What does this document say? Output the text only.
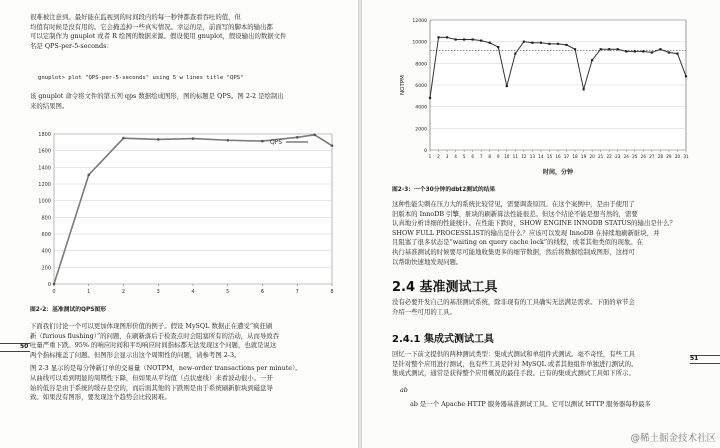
很难被注意到。最好能在监视到的时间段内的每一秒钟都查看吞吐的值，但
均值有时候是没有用的。它会掩盖掉一些真实情况。幸运的是，前面写的脚本的输出都
可以定制作为 gnuplot 或者 R 绘图的数据来源。假设使用 gnuplot，假设输出的数据文件
名是 QPS-per-5-seconds：
gnuplot> plot "QPS-per-5-seconds" using 5 w lines title "QPS"
该 gnuplot 命令将文件的第五列 qps 数据绘成图形，图的标题是 QPS。图 2-2 是绘制出
来的结果图。
0
200
400
600
800
1000
1200
1400
1600
1800
0	1	2	3	4	5	6	7	8
QPS
图2-2：基准测试的QPS图形
下面我们讨论一个可以更加体现图形价值的例子。假设 MySQL 数据正在遭受“疯狂刷
新（furious flushing）”的问题，在刷新落后于检查点时会阻塞所有的活动，从而导致吞
吐量严重下跌。95% 的响应时间和平均响应时间指标都无法发现这个问题，也就是说这
两个指标掩盖了问题。但图形会显示出这个周期性的问题，请参考图 2-3。
图 2-3 显示的是每分钟新订单的交易量（NOTPM，new-order transactions per minute）。
从曲线可以看到明显的周期性下降，但如果从平均值（点状虚线）来看波动很小。一开
始的低谷是由于系统的缓存是空的，而后面其他的下跌则是由于系统刷新脏块到磁盘导
致。如果没有图形，要发现这个趋势会比较困难。
50
0
2000
4000
6000
8000
10000
12000
1 2 3 4 5 6 7 8 9 10 11 12 13 14 15 16 17 18 19 20 21 22 23 24 25 26 27 28 29 30 31
NOTPM
时间，分钟
图2-3：一个30分钟的dbt2测试的结果
这种性能尖刺在压力大的系统比较常见，需要调查原因。在这个案例中，是由于使用了
旧版本的 InnoDB 引擎，脏块的刷新算法性能很差。但这个结论不能是想当然的，需要
认真地分析详细的性能统计。在性能下跌时，SHOW ENGINE INNODB STATUS的输出是什么？
SHOW FULL PROCESSLIST的输出是什么？应该可以发现 InnoDB 在持续地刷新脏块，并
且阻塞了很多状态是“waiting on query cache lock”的线程，或者其他类似的现象。在
执行基准测试的时候要尽可能地收集更多的细节数据，然后将数据绘制成图形，这样可
以帮助快速地发现问题。
2.4 基准测试工具
没有必要开发自己的基准测试系统，除非现有的工具确实无法满足需求。下面的章节会
介绍一些可用的工具。
2.4.1 集成式测试工具
回忆一下前文提供的两种测试类型：集成式测试和单组件式测试。毫不奇怪，有些工具
是针对整个应用进行测试，也有些工具是针对 MySQL 或者其他组件单独进行测试的。
集成式测试，通常是获得整个应用概况的最佳手段。已有的集成式测试工具如下所示。
ab
ab 是一个 Apache HTTP 服务器基准测试工具。它可以测试 HTTP 服务器每秒最多
51
@稀土掘金技术社区
